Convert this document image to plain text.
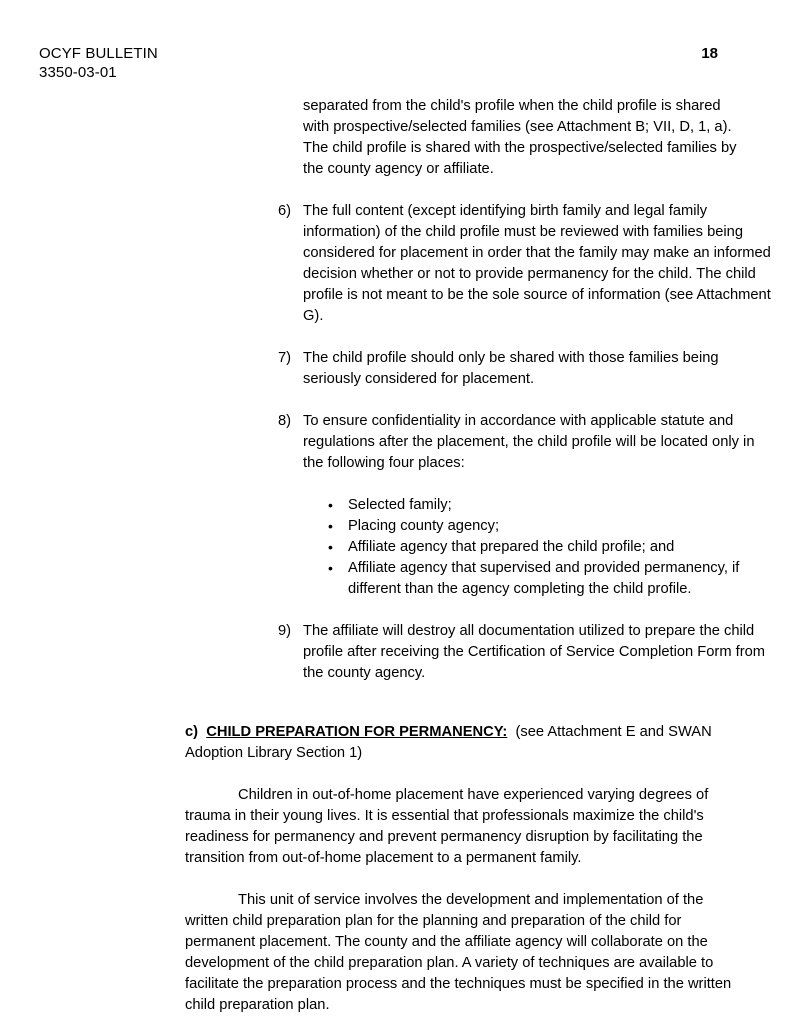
OCYF BULLETIN
3350-03-01
18
separated from the child's profile when the child profile is shared with prospective/selected families (see Attachment B; VII, D, 1, a). The child profile is shared with the prospective/selected families by the county agency or affiliate.
6) The full content (except identifying birth family and legal family information) of the child profile must be reviewed with families being considered for placement in order that the family may make an informed decision whether or not to provide permanency for the child. The child profile is not meant to be the sole source of information (see Attachment G).
7) The child profile should only be shared with those families being seriously considered for placement.
8) To ensure confidentiality in accordance with applicable statute and regulations after the placement, the child profile will be located only in the following four places:
• Selected family;
• Placing county agency;
• Affiliate agency that prepared the child profile; and
• Affiliate agency that supervised and provided permanency, if different than the agency completing the child profile.
9) The affiliate will destroy all documentation utilized to prepare the child profile after receiving the Certification of Service Completion Form from the county agency.
c) CHILD PREPARATION FOR PERMANENCY: (see Attachment E and SWAN Adoption Library Section 1)
Children in out-of-home placement have experienced varying degrees of trauma in their young lives. It is essential that professionals maximize the child's readiness for permanency and prevent permanency disruption by facilitating the transition from out-of-home placement to a permanent family.
This unit of service involves the development and implementation of the written child preparation plan for the planning and preparation of the child for permanent placement. The county and the affiliate agency will collaborate on the development of the child preparation plan. A variety of techniques are available to facilitate the preparation process and the techniques must be specified in the written child preparation plan.
